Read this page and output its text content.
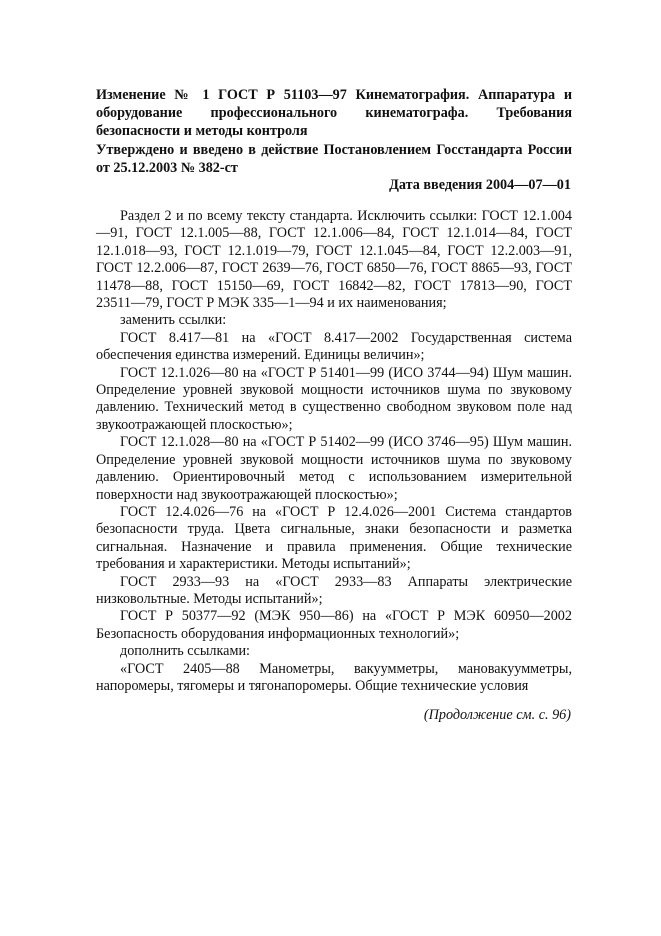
Изменение № 1 ГОСТ Р 51103—97 Кинематография. Аппаратура и оборудование профессионального кинематографа. Требования безопасности и методы контроля
Утверждено и введено в действие Постановлением Госстандарта России от 25.12.2003 № 382-ст
Дата введения 2004—07—01

Раздел 2 и по всему тексту стандарта. Исключить ссылки: ГОСТ 12.1.004—91, ГОСТ 12.1.005—88, ГОСТ 12.1.006—84, ГОСТ 12.1.014—84, ГОСТ 12.1.018—93, ГОСТ 12.1.019—79, ГОСТ 12.1.045—84, ГОСТ 12.2.003—91, ГОСТ 12.2.006—87, ГОСТ 2639—76, ГОСТ 6850—76, ГОСТ 8865—93, ГОСТ 11478—88, ГОСТ 15150—69, ГОСТ 16842—82, ГОСТ 17813—90, ГОСТ 23511—79, ГОСТ Р МЭК 335—1—94 и их наименования;

заменить ссылки:

ГОСТ 8.417—81 на «ГОСТ 8.417—2002 Государственная система обеспечения единства измерений. Единицы величин»;

ГОСТ 12.1.026—80 на «ГОСТ Р 51401—99 (ИСО 3744—94) Шум машин. Определение уровней звуковой мощности источников шума по звуковому давлению. Технический метод в существенно свободном звуковом поле над звукоотражающей плоскостью»;

ГОСТ 12.1.028—80 на «ГОСТ Р 51402—99 (ИСО 3746—95) Шум машин. Определение уровней звуковой мощности источников шума по звуковому давлению. Ориентировочный метод с использованием измерительной поверхности над звукоотражающей плоскостью»;

ГОСТ 12.4.026—76 на «ГОСТ Р 12.4.026—2001 Система стандартов безопасности труда. Цвета сигнальные, знаки безопасности и разметка сигнальная. Назначение и правила применения. Общие технические требования и характеристики. Методы испытаний»;

ГОСТ 2933—93 на «ГОСТ 2933—83 Аппараты электрические низковольтные. Методы испытаний»;

ГОСТ Р 50377—92 (МЭК 950—86) на «ГОСТ Р МЭК 60950—2002 Безопасность оборудования информационных технологий»;

дополнить ссылками:

«ГОСТ 2405—88 Манометры, вакуумметры, мановакуумметры, напоромеры, тягомеры и тягонапоромеры. Общие технические условия

(Продолжение см. с. 96)
